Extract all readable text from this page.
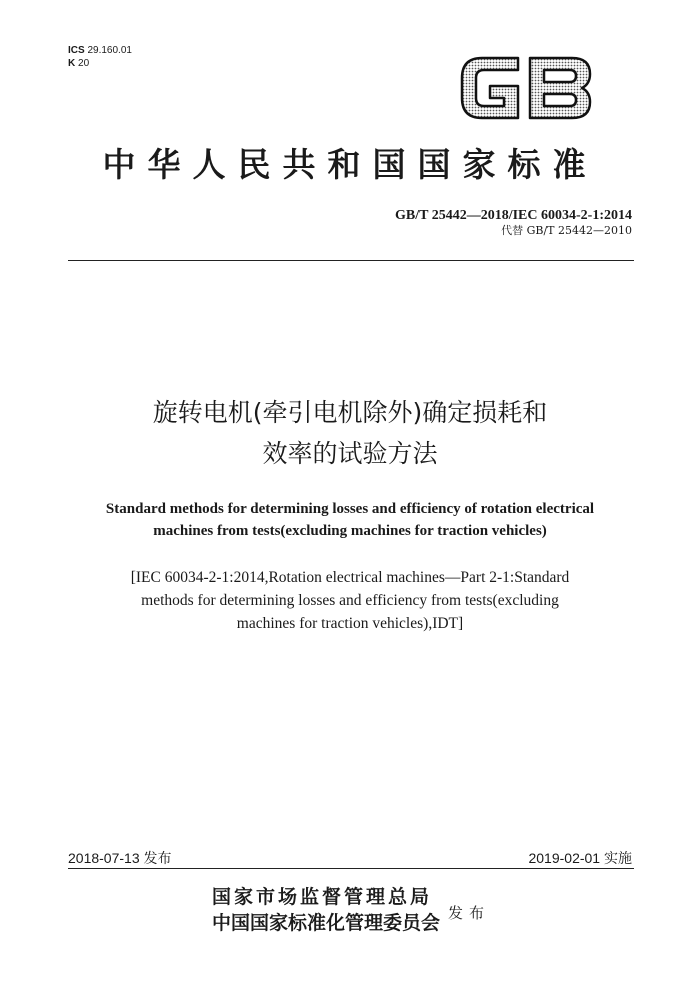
ICS 29.160.01
K 20
GB
中华人民共和国国家标准
GB/T 25442—2018/IEC 60034-2-1:2014
代替 GB/T 25442—2010
旋转电机(牵引电机除外)确定损耗和
效率的试验方法
Standard methods for determining losses and efficiency of rotation electrical
machines from tests(excluding machines for traction vehicles)
[IEC 60034-2-1:2014,Rotation electrical machines—Part 2-1:Standard
methods for determining losses and efficiency from tests(excluding
machines for traction vehicles),IDT]
2018-07-13 发布	2019-02-01 实施
国家市场监督管理总局
中国国家标准化管理委员会 发布
